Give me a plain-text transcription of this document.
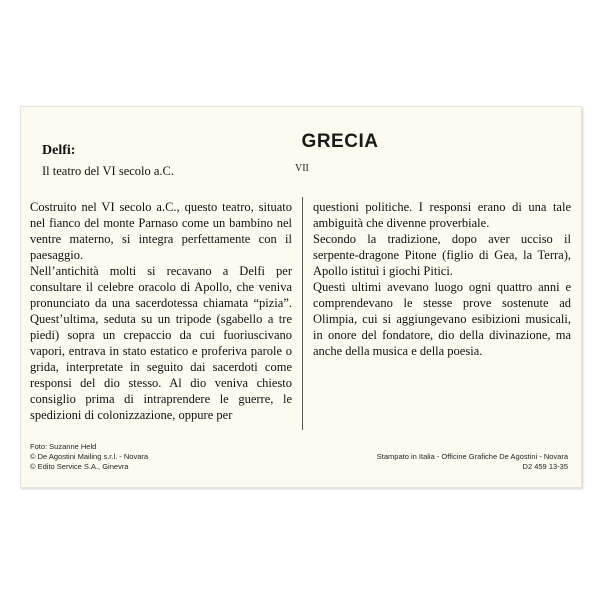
GRECIA
VII
Delfi:
Il teatro del VI secolo a.C.

Costruito nel VI secolo a.C., questo teatro, situato nel fianco del monte Parnaso come un bambino nel ventre materno, si integra perfettamente con il paesaggio.

Nell’antichità molti si recavano a Delfi per consultare il celebre oracolo di Apollo, che veniva pronunciato da una sacerdotessa chiamata “pizia”. Quest’ultima, seduta su un tripode (sgabello a tre piedi) sopra un crepaccio da cui fuoriuscivano vapori, entrava in stato estatico e proferiva parole o grida, interpretate in seguito dai sacerdoti come responsi del dio stesso. Al dio veniva chiesto consiglio prima di intraprendere le guerre, le spedizioni di colonizzazione, oppure per

questioni politiche. I responsi erano di una tale ambiguità che divenne proverbiale.

Secondo la tradizione, dopo aver ucciso il serpente-dragone Pitone (figlio di Gea, la Terra), Apollo istituì i giochi Pitici.

Questi ultimi avevano luogo ogni quattro anni e comprendevano le stesse prove sostenute ad Olimpia, cui si aggiungevano esibizioni musicali, in onore del fondatore, dio della divinazione, ma anche della musica e della poesia.

Foto: Suzanne Held
© De Agostini Mailing s.r.l. - Novara
© Edito Service S.A., Ginevra
Stampato in Italia - Officine Grafiche De Agostini - Novara
D2 459 13-35
